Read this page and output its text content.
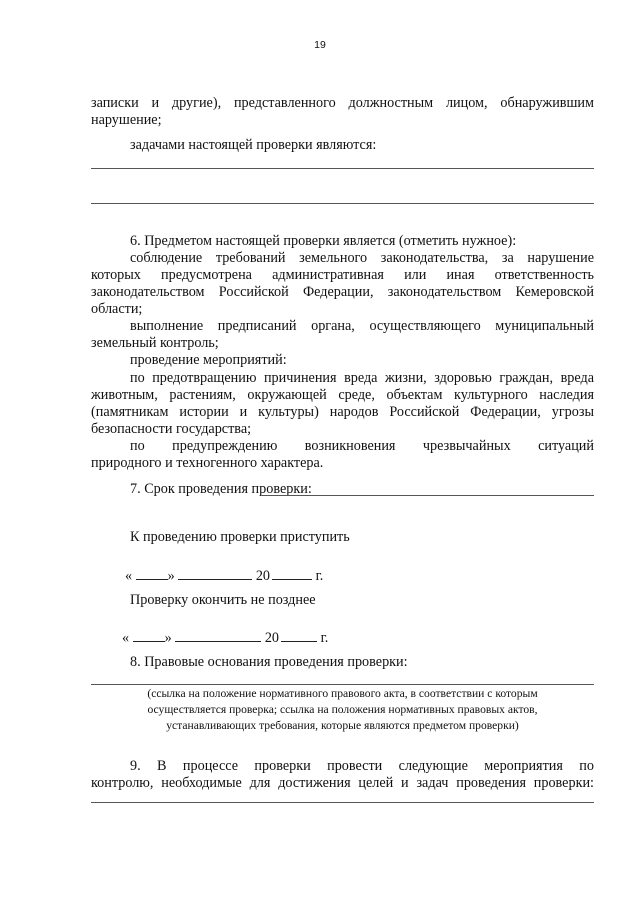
19
записки и другие), представленного должностным лицом, обнаружившим
нарушение;
задачами настоящей проверки являются:
6. Предметом настоящей проверки является (отметить нужное):
соблюдение требований земельного законодательства, за нарушение
которых предусмотрена административная или иная ответственность
законодательством Российской Федерации, законодательством Кемеровской
области;
выполнение предписаний органа, осуществляющего муниципальный
земельный контроль;
проведение мероприятий:
по предотвращению причинения вреда жизни, здоровью граждан, вреда
животным, растениям, окружающей среде, объектам культурного наследия
(памятникам истории и культуры) народов Российской Федерации, угрозы
безопасности государства;
по предупреждению возникновения чрезвычайных ситуаций
природного и техногенного характера.
7. Срок проведения проверки:
К проведению проверки приступить
«	»	20	г.
Проверку окончить не позднее
«	»	20	г.
8. Правовые основания проведения проверки:
(ссылка на положение нормативного правового акта, в соответствии с которым
осуществляется проверка; ссылка на положения нормативных правовых актов,
устанавливающих требования, которые являются предметом проверки)
9. В процессе проверки провести следующие мероприятия по
контролю, необходимые для достижения целей и задач проведения проверки:
